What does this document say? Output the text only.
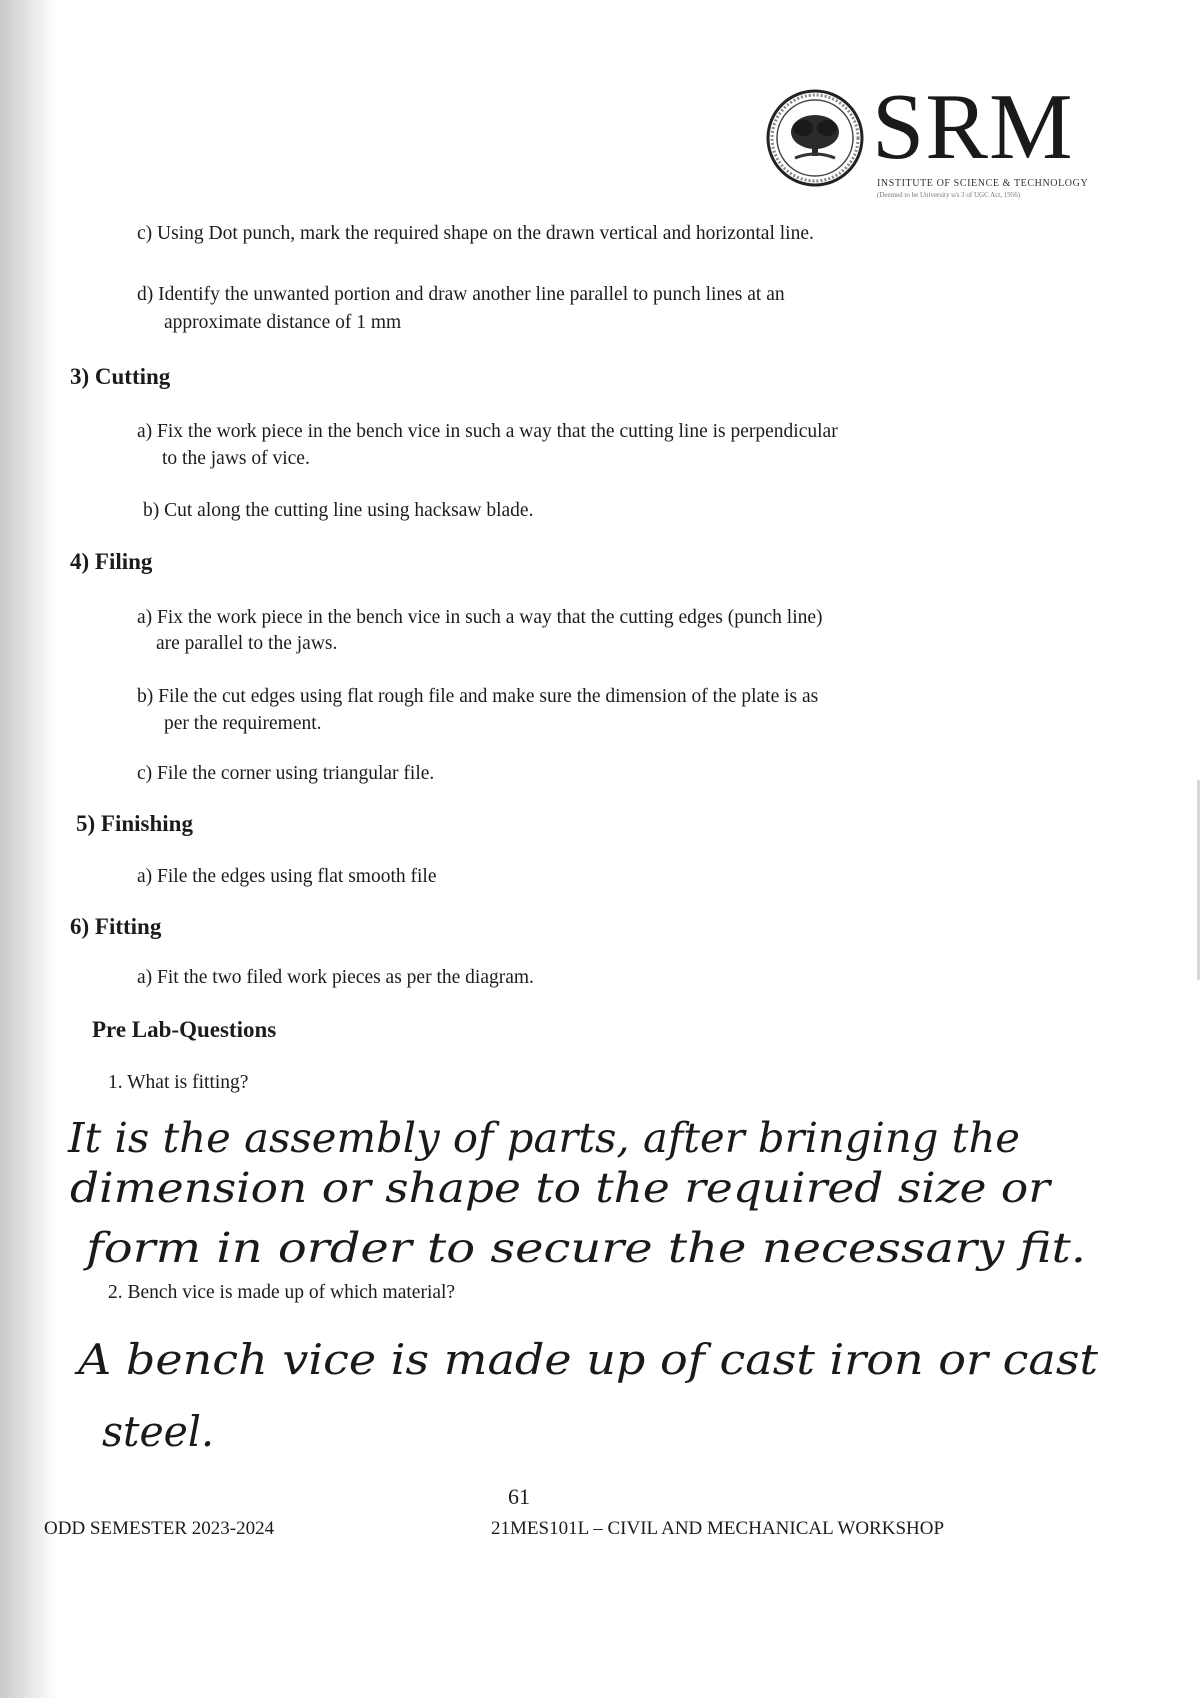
SRM
INSTITUTE OF SCIENCE & TECHNOLOGY
(Deemed to be University u/s 3 of UGC Act, 1956)
c) Using Dot punch, mark the required shape on the drawn vertical and horizontal line.
d) Identify the unwanted portion and draw another line parallel to punch lines at an
approximate distance of 1 mm
3) Cutting
a) Fix the work piece in the bench vice in such a way that the cutting line is perpendicular
to the jaws of vice.
b) Cut along the cutting line using hacksaw blade.
4) Filing
a) Fix the work piece in the bench vice in such a way that the cutting edges (punch line)
are parallel to the jaws.
b) File the cut edges using flat rough file and make sure the dimension of the plate is as
per the requirement.
c) File the corner using triangular file.
5) Finishing
a) File the edges using flat smooth file
6) Fitting
a) Fit the two filed work pieces as per the diagram.
Pre Lab-Questions
1. What is fitting?
It is the assembly of parts, after bringing the
dimension or shape to the required size or
form in order to secure the necessary fit.
2. Bench vice is made up of which material?
A bench vice is made up of cast iron or cast
steel.
61
ODD SEMESTER 2023-2024	21MES101L – CIVIL AND MECHANICAL WORKSHOP
